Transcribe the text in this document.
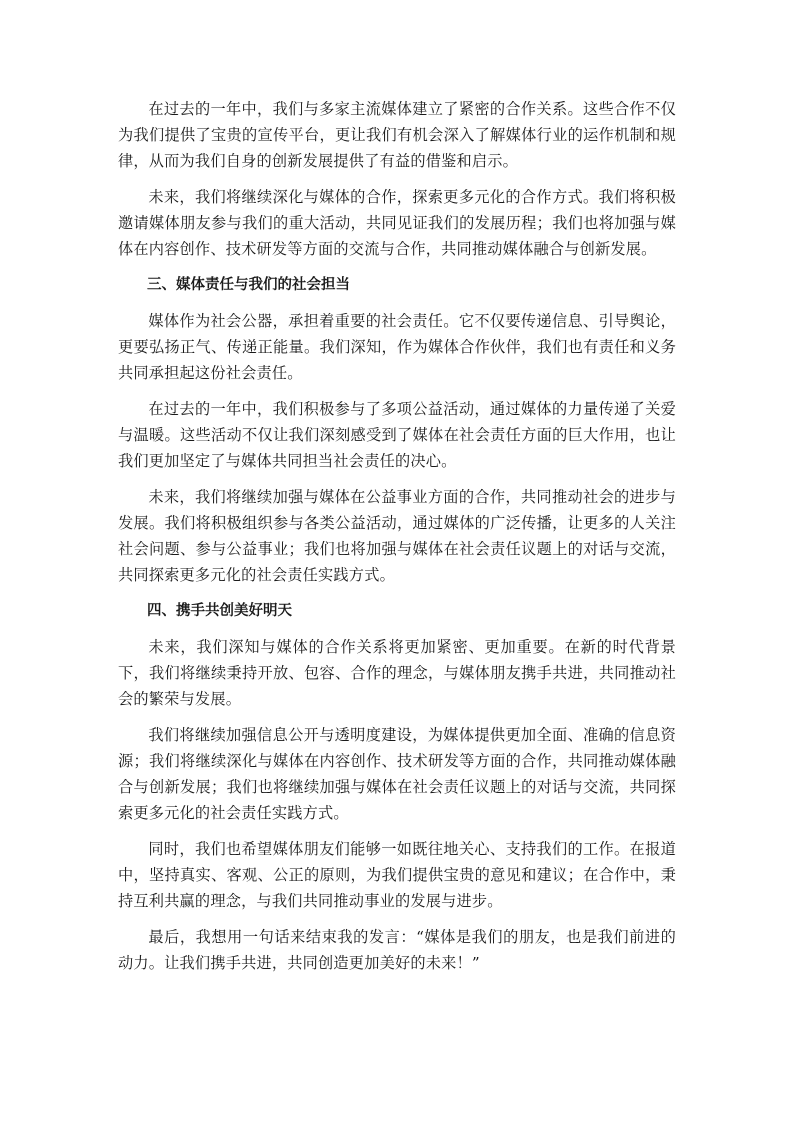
在过去的一年中，我们与多家主流媒体建立了紧密的合作关系。这些合作不仅为我们提供了宝贵的宣传平台，更让我们有机会深入了解媒体行业的运作机制和规律，从而为我们自身的创新发展提供了有益的借鉴和启示。

未来，我们将继续深化与媒体的合作，探索更多元化的合作方式。我们将积极邀请媒体朋友参与我们的重大活动，共同见证我们的发展历程；我们也将加强与媒体在内容创作、技术研发等方面的交流与合作，共同推动媒体融合与创新发展。

三、媒体责任与我们的社会担当

媒体作为社会公器，承担着重要的社会责任。它不仅要传递信息、引导舆论，更要弘扬正气、传递正能量。我们深知，作为媒体合作伙伴，我们也有责任和义务共同承担起这份社会责任。

在过去的一年中，我们积极参与了多项公益活动，通过媒体的力量传递了关爱与温暖。这些活动不仅让我们深刻感受到了媒体在社会责任方面的巨大作用，也让我们更加坚定了与媒体共同担当社会责任的决心。

未来，我们将继续加强与媒体在公益事业方面的合作，共同推动社会的进步与发展。我们将积极组织参与各类公益活动，通过媒体的广泛传播，让更多的人关注社会问题、参与公益事业；我们也将加强与媒体在社会责任议题上的对话与交流，共同探索更多元化的社会责任实践方式。

四、携手共创美好明天

未来，我们深知与媒体的合作关系将更加紧密、更加重要。在新的时代背景下，我们将继续秉持开放、包容、合作的理念，与媒体朋友携手共进，共同推动社会的繁荣与发展。

我们将继续加强信息公开与透明度建设，为媒体提供更加全面、准确的信息资源；我们将继续深化与媒体在内容创作、技术研发等方面的合作，共同推动媒体融合与创新发展；我们也将继续加强与媒体在社会责任议题上的对话与交流，共同探索更多元化的社会责任实践方式。

同时，我们也希望媒体朋友们能够一如既往地关心、支持我们的工作。在报道中，坚持真实、客观、公正的原则，为我们提供宝贵的意见和建议；在合作中，秉持互利共赢的理念，与我们共同推动事业的发展与进步。

最后，我想用一句话来结束我的发言：“媒体是我们的朋友，也是我们前进的动力。让我们携手共进，共同创造更加美好的未来！”
